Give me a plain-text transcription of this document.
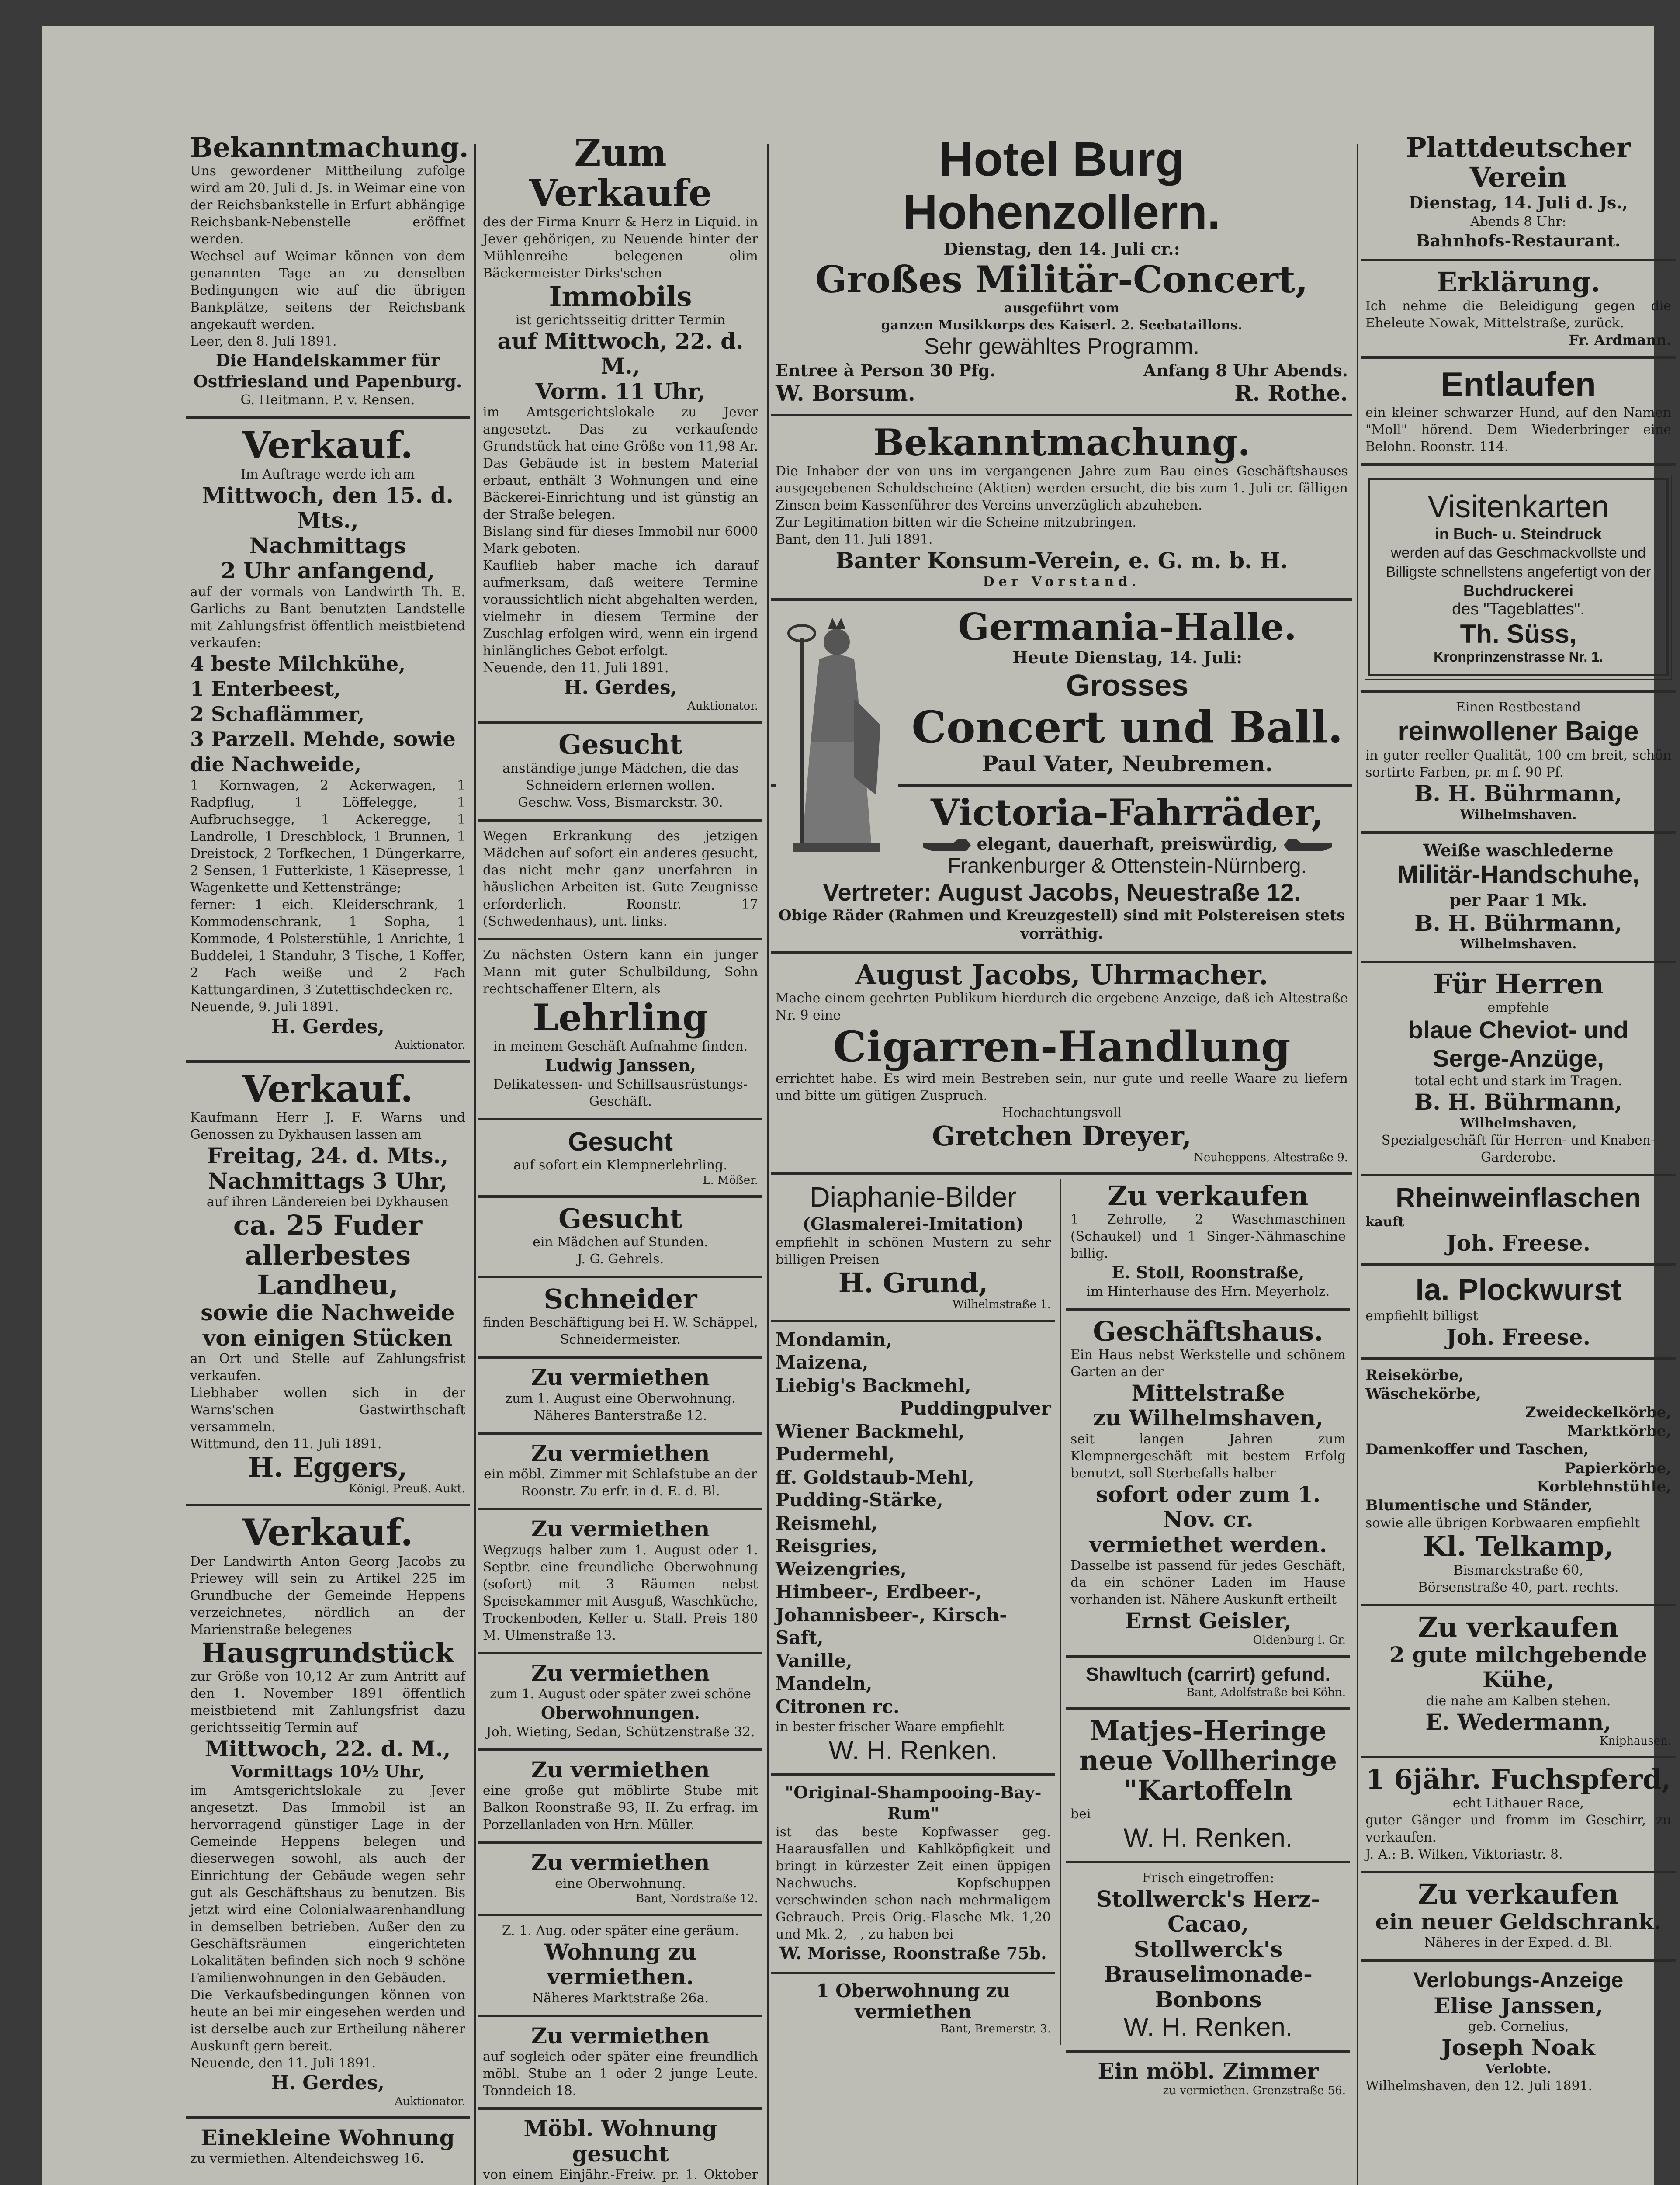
Bekanntmachung.
Uns gewordener Mittheilung zufolge wird am 20. Juli d. Js. in Weimar eine von der Reichsbankstelle in Erfurt abhängige Reichsbank-Nebenstelle eröffnet werden.
Wechsel auf Weimar können von dem genannten Tage an zu denselben Bedingungen wie auf die übrigen Bankplätze, seitens der Reichsbank angekauft werden.
Leer, den 8. Juli 1891.
Die Handelskammer für Ostfriesland und Papenburg.
G. Heitmann. P. v. Rensen.
Verkauf.
Im Auftrage werde ich am
Mittwoch, den 15. d. Mts.,
Nachmittags
2 Uhr anfangend,
auf der vormals von Landwirth Th. E. Garlichs zu Bant benutzten Landstelle mit Zahlungsfrist öffentlich meistbietend verkaufen:
4 beste Milchkühe,
1 Enterbeest,
2 Schaflämmer,
3 Parzell. Mehde, sowie die Nachweide,
1 Kornwagen, 2 Ackerwagen, 1 Radpflug, 1 Löffelegge, 1 Aufbruchsegge, 1 Ackeregge, 1 Landrolle, 1 Dreschblock, 1 Brunnen, 1 Dreistock, 2 Torfkechen, 1 Düngerkarre, 2 Sensen, 1 Futterkiste, 1 Käsepresse, 1 Wagenkette und Kettenstränge;
ferner: 1 eich. Kleiderschrank, 1 Kommodenschrank, 1 Sopha, 1 Kommode, 4 Polsterstühle, 1 Anrichte, 1 Buddelei, 1 Standuhr, 3 Tische, 1 Koffer, 2 Fach weiße und 2 Fach Kattungardinen, 3 Zutettischdecken rc.
Neuende, 9. Juli 1891.
H. Gerdes,
Auktionator.
Verkauf.
Kaufmann Herr J. F. Warns und Genossen zu Dykhausen lassen am
Freitag, 24. d. Mts.,
Nachmittags 3 Uhr,
auf ihren Ländereien bei Dykhausen
ca. 25 Fuder
allerbestes Landheu,
sowie die Nachweide
von einigen Stücken
an Ort und Stelle auf Zahlungsfrist verkaufen.
Liebhaber wollen sich in der Warns'schen Gastwirthschaft versammeln.
Wittmund, den 11. Juli 1891.
H. Eggers,
Königl. Preuß. Aukt.
Verkauf.
Der Landwirth Anton Georg Jacobs zu Priewey will sein zu Artikel 225 im Grundbuche der Gemeinde Heppens verzeichnetes, nördlich an der Marienstraße belegenes
Hausgrundstück
zur Größe von 10,12 Ar zum Antritt auf den 1. November 1891 öffentlich meistbietend mit Zahlungsfrist dazu gerichtsseitig Termin auf
Mittwoch, 22. d. M.,
Vormittags 10½ Uhr,
im Amtsgerichtslokale zu Jever angesetzt. Das Immobil ist an hervorragend günstiger Lage in der Gemeinde Heppens belegen und dieserwegen sowohl, als auch der Einrichtung der Gebäude wegen sehr gut als Geschäftshaus zu benutzen. Bis jetzt wird eine Colonialwaarenhandlung in demselben betrieben. Außer den zu Geschäftsräumen eingerichteten Lokalitäten befinden sich noch 9 schöne Familienwohnungen in den Gebäuden.
Die Verkaufsbedingungen können von heute an bei mir eingesehen werden und ist derselbe auch zur Ertheilung näherer Auskunft gern bereit.
Neuende, den 11. Juli 1891.
H. Gerdes,
Auktionator.
Einekleine Wohnung
zu vermiethen. Altendeichsweg 16.
Zum Verkaufe
des der Firma Knurr & Herz in Liquid. in Jever gehörigen, zu Neuende hinter der Mühlenreihe belegenen olim Bäckermeister Dirks'schen
Immobils
ist gerichtsseitig dritter Termin
auf Mittwoch, 22. d. M.,
Vorm. 11 Uhr,
im Amtsgerichtslokale zu Jever angesetzt. Das zu verkaufende Grundstück hat eine Größe von 11,98 Ar. Das Gebäude ist in bestem Material erbaut, enthält 3 Wohnungen und eine Bäckerei-Einrichtung und ist günstig an der Straße belegen.
Bislang sind für dieses Immobil nur 6000 Mark geboten.
Kauflieb haber mache ich darauf aufmerksam, daß weitere Termine voraussichtlich nicht abgehalten werden, vielmehr in diesem Termine der Zuschlag erfolgen wird, wenn ein irgend hinlängliches Gebot erfolgt.
Neuende, den 11. Juli 1891.
H. Gerdes,
Auktionator.
Gesucht
anständige junge Mädchen, die das Schneidern erlernen wollen.
Geschw. Voss, Bismarckstr. 30.
Wegen Erkrankung des jetzigen Mädchen auf sofort ein anderes gesucht, das nicht mehr ganz unerfahren in häuslichen Arbeiten ist. Gute Zeugnisse erforderlich. Roonstr. 17 (Schwedenhaus), unt. links.
Zu nächsten Ostern kann ein junger Mann mit guter Schulbildung, Sohn rechtschaffener Eltern, als
Lehrling
in meinem Geschäft Aufnahme finden.
Ludwig Janssen,
Delikatessen- und Schiffsausrüstungs-Geschäft.
Gesucht
auf sofort ein Klempnerlehrling.
L. Mößer.
Gesucht
ein Mädchen auf Stunden.
J. G. Gehrels.
Schneider
finden Beschäftigung bei H. W. Schäppel, Schneidermeister.
Zu vermiethen
zum 1. August eine Oberwohnung. Näheres Banterstraße 12.
Zu vermiethen
ein möbl. Zimmer mit Schlafstube an der Roonstr. Zu erfr. in d. E. d. Bl.
Zu vermiethen
Wegzugs halber zum 1. August oder 1. Septbr. eine freundliche Oberwohnung (sofort) mit 3 Räumen nebst Speisekammer mit Ausguß, Waschküche, Trockenboden, Keller u. Stall. Preis 180 M. Ulmenstraße 13.
Zu vermiethen
zum 1. August oder später zwei schöne
Oberwohnungen.
Joh. Wieting, Sedan, Schützenstraße 32.
Zu vermiethen
eine große gut möblirte Stube mit Balkon Roonstraße 93, II. Zu erfrag. im Porzellanladen von Hrn. Müller.
Zu vermiethen
eine Oberwohnung.
Bant, Nordstraße 12.
Z. 1. Aug. oder später eine geräum.
Wohnung zu vermiethen.
Näheres Marktstraße 26a.
Zu vermiethen
auf sogleich oder später eine freundlich möbl. Stube an 1 oder 2 junge Leute. Tonndeich 18.
Möbl. Wohnung gesucht
von einem Einjähr.-Freiw. pr. 1. Oktober
Hotel Burg Hohenzollern.
Dienstag, den 14. Juli cr.:
Großes Militär-Concert,
ausgeführt vom
ganzen Musikkorps des Kaiserl. 2. Seebataillons.
Sehr gewähltes Programm.
Entree à Person 30 Pfg.	Anfang 8 Uhr Abends.
W. Borsum.	R. Rothe.
Bekanntmachung.
Die Inhaber der von uns im vergangenen Jahre zum Bau eines Geschäftshauses ausgegebenen Schuldscheine (Aktien) werden ersucht, die bis zum 1. Juli cr. fälligen Zinsen beim Kassenführer des Vereins unverzüglich abzuheben.
Zur Legitimation bitten wir die Scheine mitzubringen.
Bant, den 11. Juli 1891.
Banter Konsum-Verein, e. G. m. b. H.
Der Vorstand.
Germania-Halle.
Heute Dienstag, 14. Juli:
Grosses
Concert und Ball.
Paul Vater, Neubremen.
Victoria-Fahrräder,
elegant, dauerhaft, preiswürdig,
Frankenburger & Ottenstein-Nürnberg.
Vertreter: August Jacobs, Neuestraße 12.
Obige Räder (Rahmen und Kreuzgestell) sind mit Polstereisen stets vorräthig.
August Jacobs, Uhrmacher.
Mache einem geehrten Publikum hierdurch die ergebene Anzeige, daß ich Altestraße Nr. 9 eine
Cigarren-Handlung
errichtet habe. Es wird mein Bestreben sein, nur gute und reelle Waare zu liefern und bitte um gütigen Zuspruch.
Hochachtungsvoll
Gretchen Dreyer,
Neuheppens, Altestraße 9.
Diaphanie-Bilder
(Glasmalerei-Imitation)
empfiehlt in schönen Mustern zu sehr billigen Preisen
H. Grund,
Wilhelmstraße 1.
Mondamin,
Maizena,
Liebig's Backmehl,
Puddingpulver
Wiener Backmehl,
Pudermehl,
ff. Goldstaub-Mehl,
Pudding-Stärke,
Reismehl,
Reisgries,
Weizengries,
Himbeer-, Erdbeer-, Johannisbeer-, Kirsch-Saft,
Vanille,
Mandeln,
Citronen rc.
in bester frischer Waare empfiehlt
W. H. Renken.
"Original-Shampooing-Bay-Rum"
ist das beste Kopfwasser geg. Haarausfallen und Kahlköpfigkeit und bringt in kürzester Zeit einen üppigen Nachwuchs. Kopfschuppen verschwinden schon nach mehrmaligem Gebrauch. Preis Orig.-Flasche Mk. 1,20 und Mk. 2,—, zu haben bei
W. Morisse, Roonstraße 75b.
1 Oberwohnung zu vermiethen
Bant, Bremerstr. 3.
Zu verkaufen
1 Zehrolle, 2 Waschmaschinen (Schaukel) und 1 Singer-Nähmaschine billig.
E. Stoll, Roonstraße,
im Hinterhause des Hrn. Meyerholz.
Geschäftshaus.
Ein Haus nebst Werkstelle und schönem Garten an der
Mittelstraße
zu Wilhelmshaven,
seit langen Jahren zum Klempnergeschäft mit bestem Erfolg benutzt, soll Sterbefalls halber
sofort oder zum 1. Nov. cr.
vermiethet werden.
Dasselbe ist passend für jedes Geschäft, da ein schöner Laden im Hause vorhanden ist. Nähere Auskunft ertheilt
Ernst Geisler,
Oldenburg i. Gr.
Shawltuch (carrirt) gefund.
Bant, Adolfstraße bei Köhn.
Matjes-Heringe
neue Vollheringe
"Kartoffeln
bei
W. H. Renken.
Frisch eingetroffen:
Stollwerck's Herz-Cacao,
Stollwerck's
Brauselimonade-Bonbons
W. H. Renken.
Ein möbl. Zimmer
zu vermiethen. Grenzstraße 56.
Plattdeutscher Verein
Dienstag, 14. Juli d. Js.,
Abends 8 Uhr:
Bahnhofs-Restaurant.
Erklärung.
Ich nehme die Beleidigung gegen die Eheleute Nowak, Mittelstraße, zurück.
Fr. Ardmann.
Entlaufen
ein kleiner schwarzer Hund, auf den Namen "Moll" hörend. Dem Wiederbringer eine Belohn. Roonstr. 114.
Visitenkarten
in Buch- u. Steindruck
werden auf das Geschmackvollste und Billigste schnellstens angefertigt von der
Buchdruckerei
des "Tageblattes".
Th. Süss,
Kronprinzenstrasse Nr. 1.
Einen Restbestand
reinwollener Baige
in guter reeller Qualität, 100 cm breit, schön sortirte Farben, pr. m f. 90 Pf.
B. H. Bührmann,
Wilhelmshaven.
Weiße waschlederne
Militär-Handschuhe,
per Paar 1 Mk.
B. H. Bührmann,
Wilhelmshaven.
Für Herren
empfehle
blaue Cheviot- und
Serge-Anzüge,
total echt und stark im Tragen.
B. H. Bührmann,
Wilhelmshaven,
Spezialgeschäft für Herren- und Knaben-Garderobe.
Rheinweinflaschen
kauft
Joh. Freese.
Ia. Plockwurst
empfiehlt billigst
Joh. Freese.
Reisekörbe,
Wäschekörbe,
Zweideckelkörbe,
Marktkörbe,
Damenkoffer und Taschen,
Papierkörbe,
Korblehnstühle,
Blumentische und Ständer,
sowie alle übrigen Korbwaaren empfiehlt
Kl. Telkamp,
Bismarckstraße 60,
Börsenstraße 40, part. rechts.
Zu verkaufen
2 gute milchgebende Kühe,
die nahe am Kalben stehen.
E. Wedermann,
Kniphausen.
1 6jähr. Fuchspferd,
echt Lithauer Race,
guter Gänger und fromm im Geschirr, zu verkaufen.
J. A.: B. Wilken, Viktoriastr. 8.
Zu verkaufen
ein neuer Geldschrank.
Näheres in der Exped. d. Bl.
Verlobungs-Anzeige
Elise Janssen,
geb. Cornelius,
Joseph Noak
Verlobte.
Wilhelmshaven, den 12. Juli 1891.
